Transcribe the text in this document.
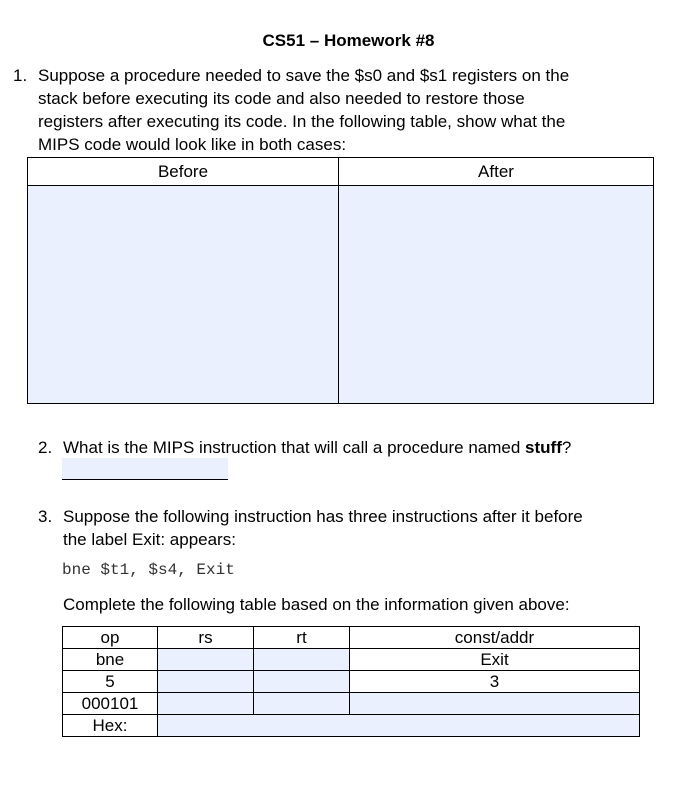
CS51 – Homework #8
1. Suppose a procedure needed to save the $s0 and $s1 registers on the
stack before executing its code and also needed to restore those
registers after executing its code. In the following table, show what the
MIPS code would look like in both cases:
Before	After

2. What is the MIPS instruction that will call a procedure named stuff?
3. Suppose the following instruction has three instructions after it before
the label Exit: appears:
bne $t1, $s4, Exit
Complete the following table based on the information given above:
op	rs	rt	const/addr
bne			Exit
5			3
000101			
Hex:			
